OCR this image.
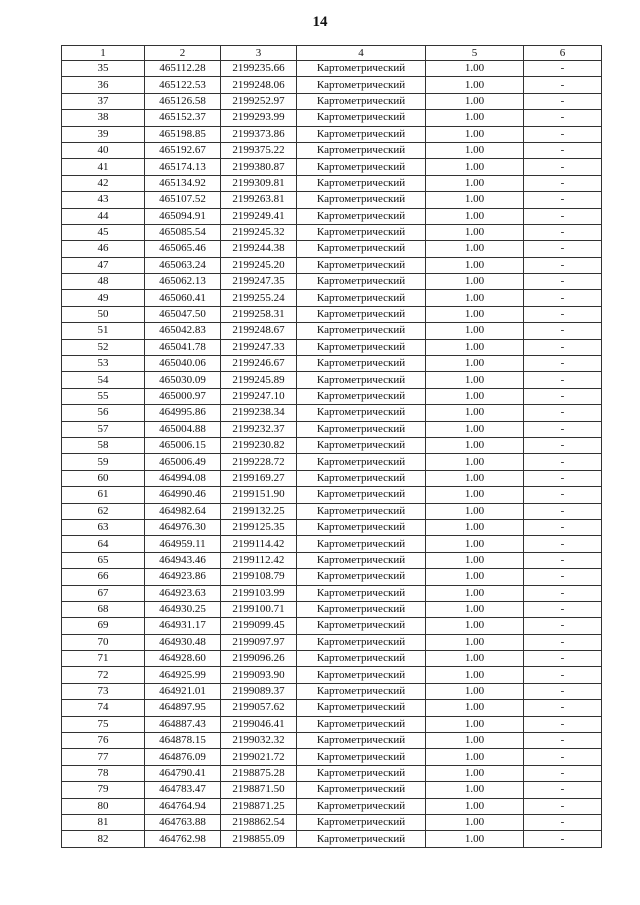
14
1	2	3	4	5	6
35	465112.28	2199235.66	Картометрический	1.00	-
36	465122.53	2199248.06	Картометрический	1.00	-
37	465126.58	2199252.97	Картометрический	1.00	-
38	465152.37	2199293.99	Картометрический	1.00	-
39	465198.85	2199373.86	Картометрический	1.00	-
40	465192.67	2199375.22	Картометрический	1.00	-
41	465174.13	2199380.87	Картометрический	1.00	-
42	465134.92	2199309.81	Картометрический	1.00	-
43	465107.52	2199263.81	Картометрический	1.00	-
44	465094.91	2199249.41	Картометрический	1.00	-
45	465085.54	2199245.32	Картометрический	1.00	-
46	465065.46	2199244.38	Картометрический	1.00	-
47	465063.24	2199245.20	Картометрический	1.00	-
48	465062.13	2199247.35	Картометрический	1.00	-
49	465060.41	2199255.24	Картометрический	1.00	-
50	465047.50	2199258.31	Картометрический	1.00	-
51	465042.83	2199248.67	Картометрический	1.00	-
52	465041.78	2199247.33	Картометрический	1.00	-
53	465040.06	2199246.67	Картометрический	1.00	-
54	465030.09	2199245.89	Картометрический	1.00	-
55	465000.97	2199247.10	Картометрический	1.00	-
56	464995.86	2199238.34	Картометрический	1.00	-
57	465004.88	2199232.37	Картометрический	1.00	-
58	465006.15	2199230.82	Картометрический	1.00	-
59	465006.49	2199228.72	Картометрический	1.00	-
60	464994.08	2199169.27	Картометрический	1.00	-
61	464990.46	2199151.90	Картометрический	1.00	-
62	464982.64	2199132.25	Картометрический	1.00	-
63	464976.30	2199125.35	Картометрический	1.00	-
64	464959.11	2199114.42	Картометрический	1.00	-
65	464943.46	2199112.42	Картометрический	1.00	-
66	464923.86	2199108.79	Картометрический	1.00	-
67	464923.63	2199103.99	Картометрический	1.00	-
68	464930.25	2199100.71	Картометрический	1.00	-
69	464931.17	2199099.45	Картометрический	1.00	-
70	464930.48	2199097.97	Картометрический	1.00	-
71	464928.60	2199096.26	Картометрический	1.00	-
72	464925.99	2199093.90	Картометрический	1.00	-
73	464921.01	2199089.37	Картометрический	1.00	-
74	464897.95	2199057.62	Картометрический	1.00	-
75	464887.43	2199046.41	Картометрический	1.00	-
76	464878.15	2199032.32	Картометрический	1.00	-
77	464876.09	2199021.72	Картометрический	1.00	-
78	464790.41	2198875.28	Картометрический	1.00	-
79	464783.47	2198871.50	Картометрический	1.00	-
80	464764.94	2198871.25	Картометрический	1.00	-
81	464763.88	2198862.54	Картометрический	1.00	-
82	464762.98	2198855.09	Картометрический	1.00	-
